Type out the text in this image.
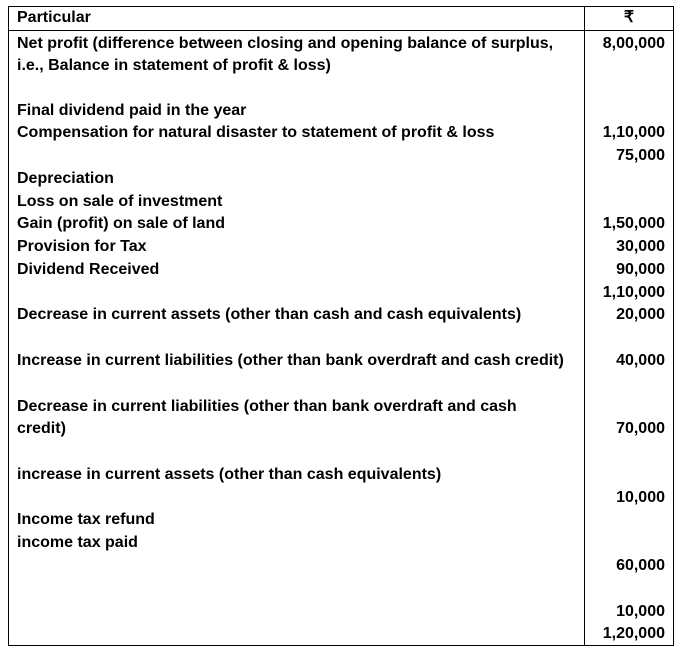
Particular	₹
Net profit (difference between closing and opening balance of surplus,
i.e., Balance in statement of profit & loss)
Final dividend paid in the year
Compensation for natural disaster to statement of profit & loss
Depreciation
Loss on sale of investment
Gain (profit) on sale of land
Provision for Tax
Dividend Received
Decrease in current assets (other than cash and cash equivalents)
Increase in current liabilities (other than bank overdraft and cash credit)
Decrease in current liabilities (other than bank overdraft and cash
credit)
increase in current assets (other than cash equivalents)
Income tax refund
income tax paid
8,00,000
1,10,000
75,000
1,50,000
30,000
90,000
1,10,000
20,000
40,000
70,000
10,000
60,000
10,000
1,20,000
